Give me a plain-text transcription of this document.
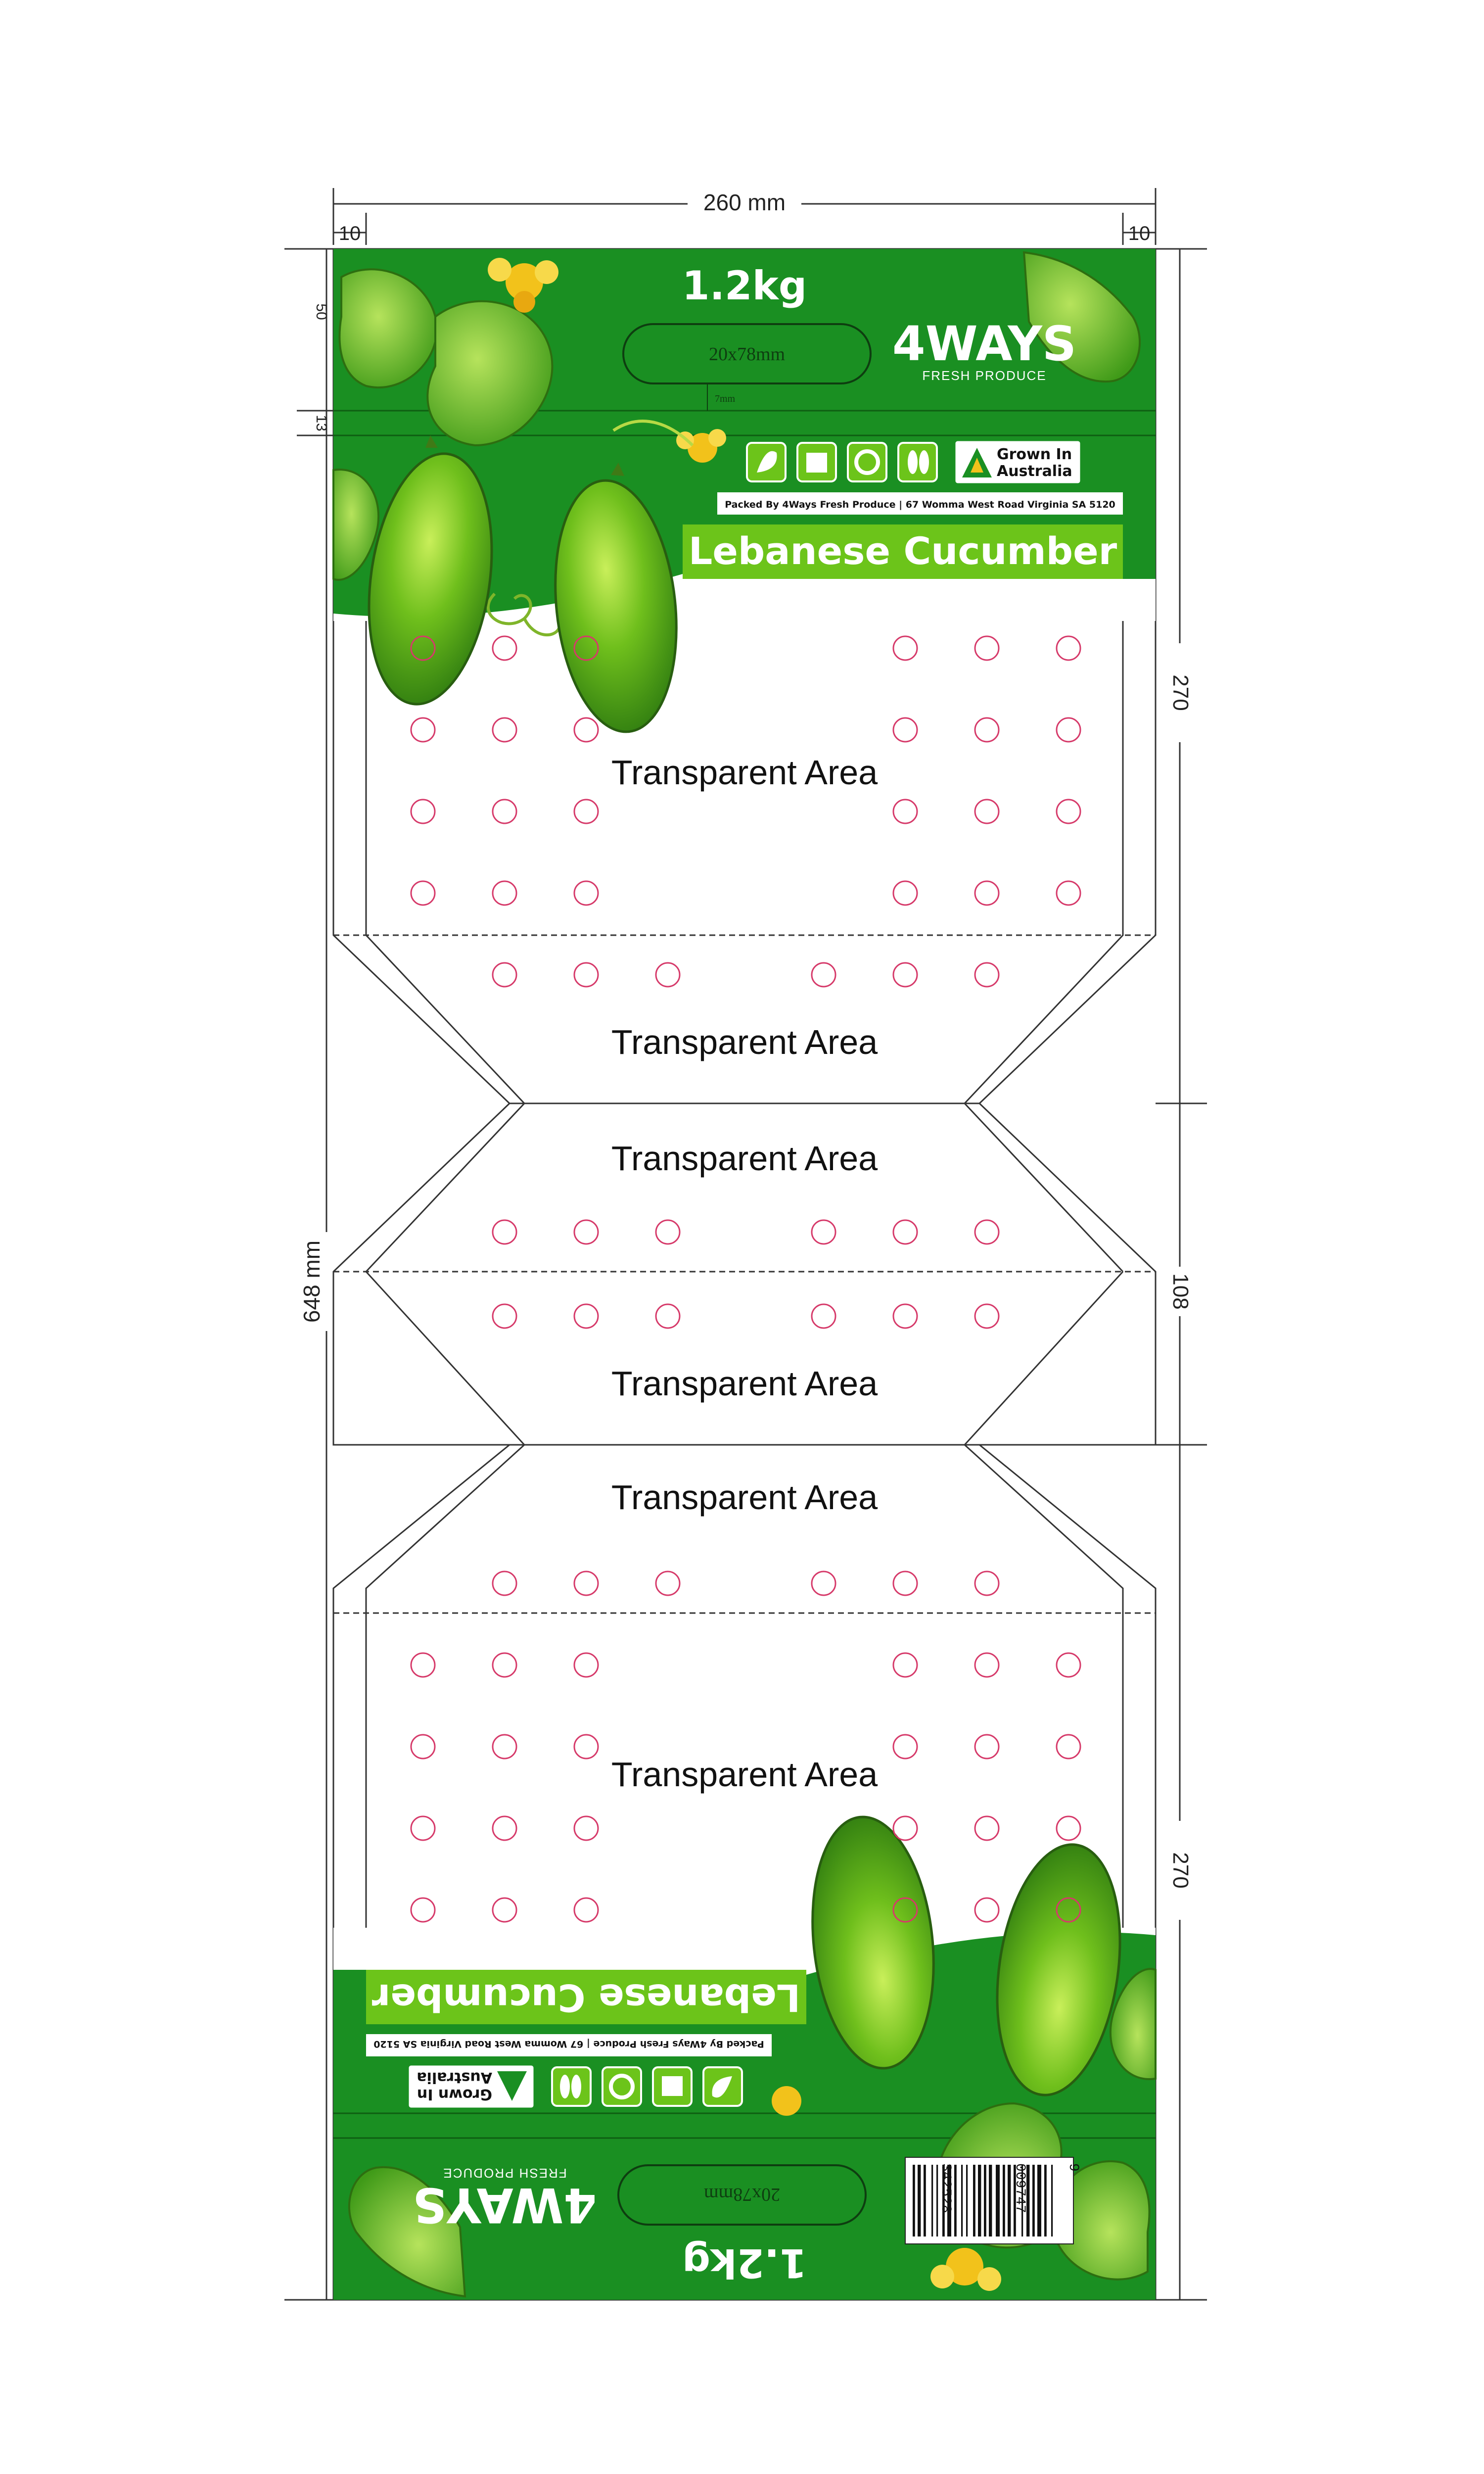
260 mm
10	10
648 mm
50
13
270
108
270
1.2kg
20x78mm
7mm
4WAYS
FRESH PRODUCE
Grown In
Australia
Packed By 4Ways Fresh Produce | 67 Womma West Road Virginia SA 5120
Lebanese Cucumber
1.2kg
20x78mm
4WAYS
FRESH PRODUCE
Grown In
Australia
Packed By 4Ways Fresh Produce | 67 Womma West Road Virginia SA 5120
Lebanese Cucumber
9
342528	009747
Transparent Area
Transparent Area
Transparent Area
Transparent Area
Transparent Area
Transparent Area
